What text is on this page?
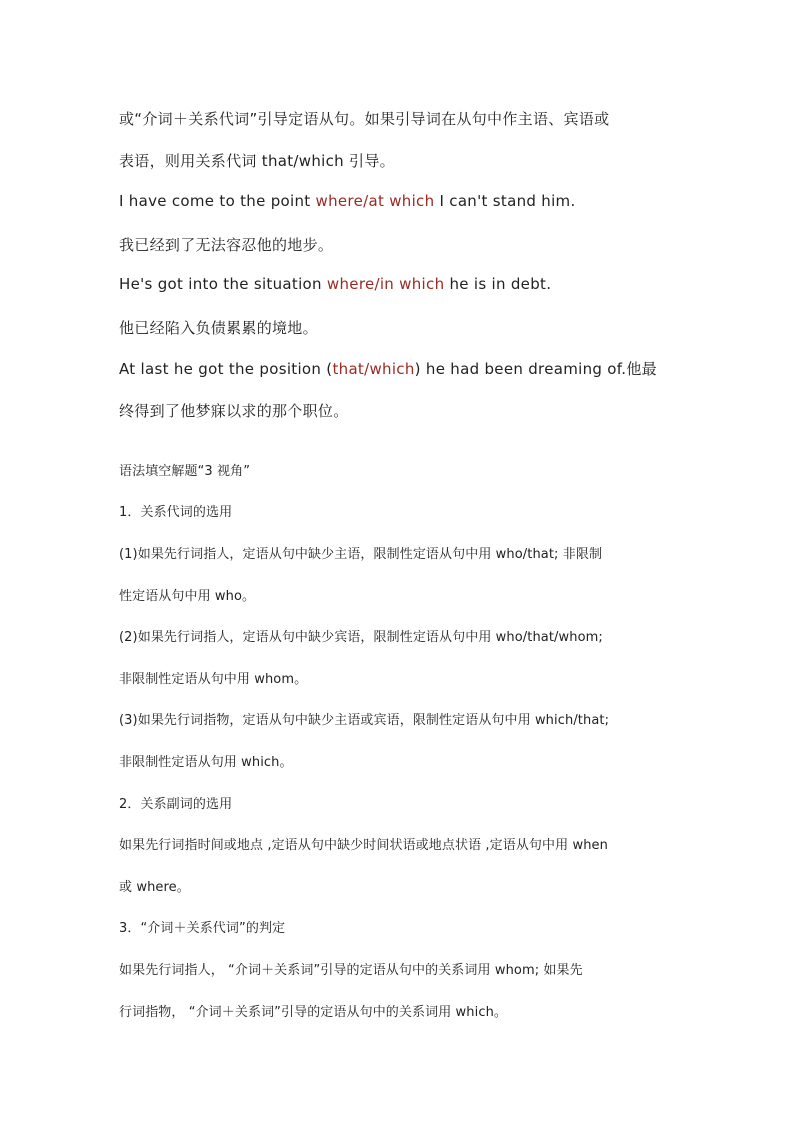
或“介词＋关系代词”引导定语从句。如果引导词在从句中作主语、宾语或
表语，则用关系代词 that/which 引导。
I have come to the point where/at which I can't stand him.
我已经到了无法容忍他的地步。
He's got into the situation where/in which he is in debt.
他已经陷入负债累累的境地。
At last he got the position (that/which) he had been dreaming of.他最
终得到了他梦寐以求的那个职位。
语法填空解题“3 视角”
1．关系代词的选用
(1)如果先行词指人，定语从句中缺少主语，限制性定语从句中用 who/that; 非限制
性定语从句中用 who。
(2)如果先行词指人，定语从句中缺少宾语，限制性定语从句中用 who/that/whom;
非限制性定语从句中用 whom。
(3)如果先行词指物，定语从句中缺少主语或宾语，限制性定语从句中用 which/that;
非限制性定语从句用 which。
2．关系副词的选用
如果先行词指时间或地点 ,定语从句中缺少时间状语或地点状语 ,定语从句中用 when
或 where。
3．“介词＋关系代词”的判定
如果先行词指人， “介词＋关系词”引导的定语从句中的关系词用 whom; 如果先
行词指物， “介词＋关系词”引导的定语从句中的关系词用 which。
